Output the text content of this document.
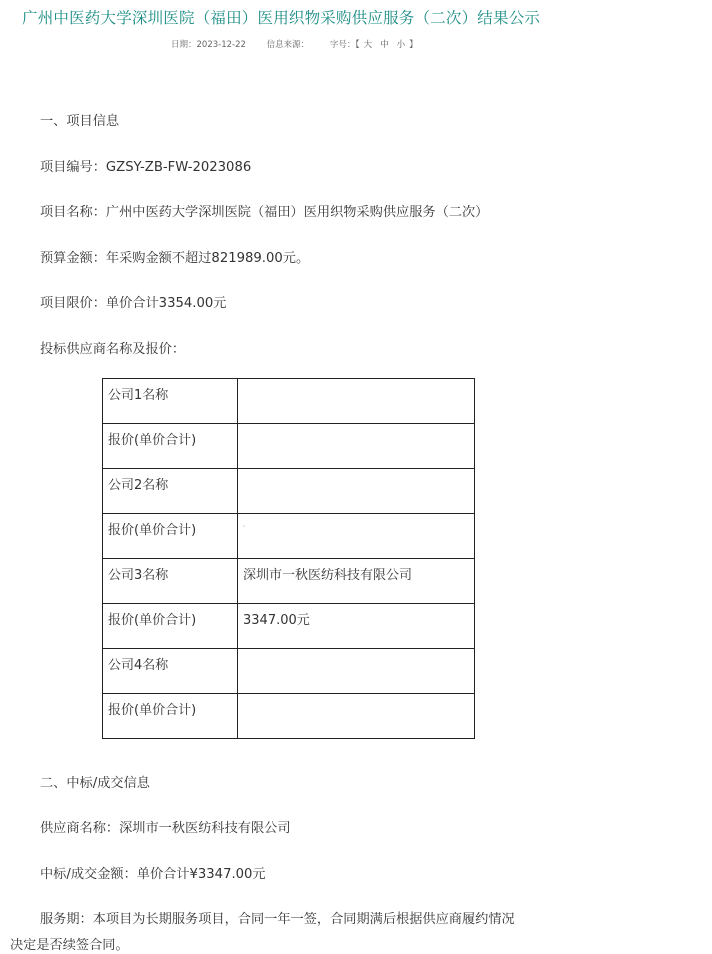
广州中医药大学深圳医院（福田）医用织物采购供应服务（二次）结果公示
日期：2023-12-22 信息来源： 字号：【 大 中 小 】
一、项目信息
项目编号：GZSY-ZB-FW-2023086
项目名称：广州中医药大学深圳医院（福田）医用织物采购供应服务（二次）
预算金额：年采购金额不超过821989.00元。
项目限价：单价合计3354.00元
投标供应商名称及报价：
公司1名称	
报价(单价合计)	
公司2名称	
报价(单价合计)	'
公司3名称	深圳市一秋医纺科技有限公司
报价(单价合计)	3347.00元
公司4名称	
报价(单价合计)	
二、中标/成交信息
供应商名称：深圳市一秋医纺科技有限公司
中标/成交金额：单价合计¥3347.00元
服务期：本项目为长期服务项目，合同一年一签，合同期满后根据供应商履约情况
决定是否续签合同。
